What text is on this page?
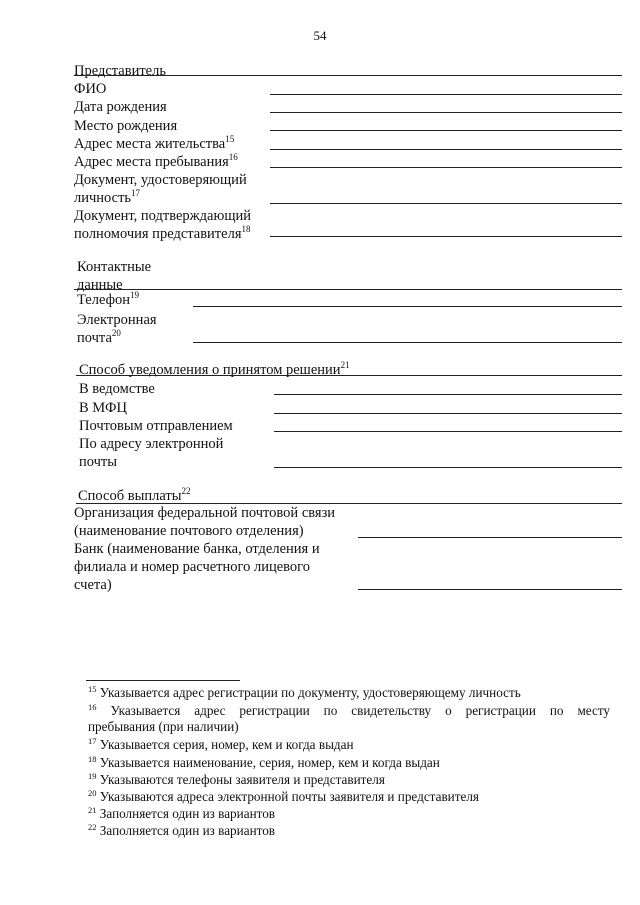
54
Представитель
ФИО
Дата рождения
Место рождения
Адрес места жительства$^{15}$
Адрес места пребывания$^{16}$
Документ, удостоверяющий
личность$^{17}$
Документ, подтверждающий
полномочия представителя$^{18}$
Контактные
данные
Телефон$^{19}$
Электронная
почта$^{20}$
Способ уведомления о принятом решении$^{21}$
В ведомстве
В МФЦ
Почтовым отправлением
По адресу электронной
почты
Способ выплаты$^{22}$
Организация федеральной почтовой связи
(наименование почтового отделения)
Банк (наименование банка, отделения и
филиала и номер расчетного лицевого
счета)
$^{15}$ Указывается адрес регистрации по документу, удостоверяющему личность
$^{16}$ Указывается адрес регистрации по свидетельству о регистрации по месту
пребывания (при наличии)
$^{17}$ Указывается серия, номер, кем и когда выдан
$^{18}$ Указывается наименование, серия, номер, кем и когда выдан
$^{19}$ Указываются телефоны заявителя и представителя
$^{20}$ Указываются адреса электронной почты заявителя и представителя
$^{21}$ Заполняется один из вариантов
$^{22}$ Заполняется один из вариантов
